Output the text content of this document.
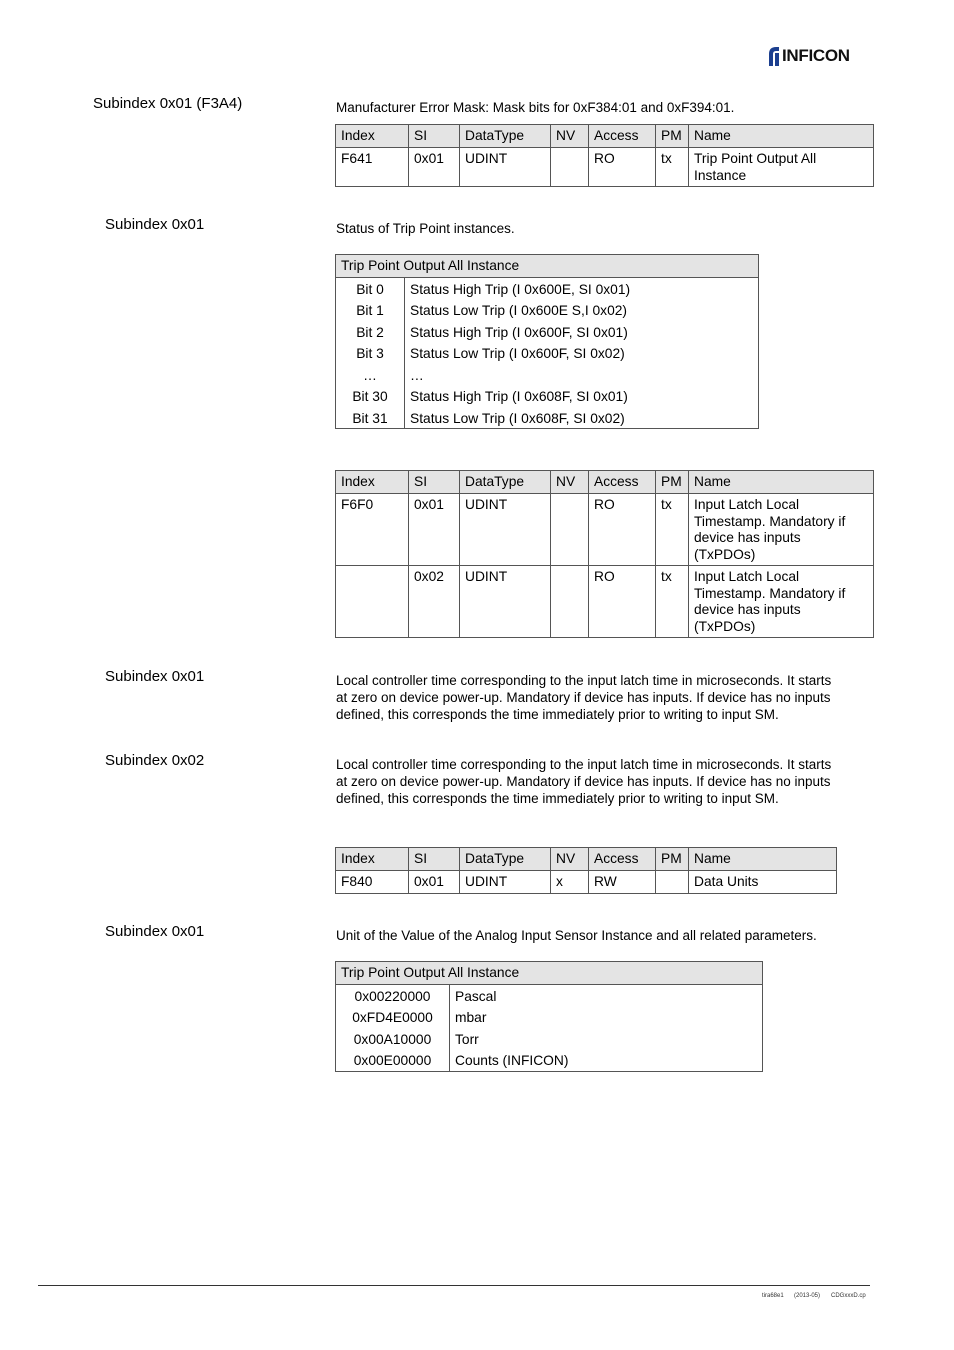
INFICON
Subindex 0x01 (F3A4)	Manufacturer Error Mask: Mask bits for 0xF384:01 and 0xF394:01.
Index	SI	DataType	NV	Access	PM	Name
F641	0x01	UDINT		RO	tx	Trip Point Output All
Instance
Subindex 0x01	Status of Trip Point instances.
Trip Point Output All Instance
Bit 0	Status High Trip (I 0x600E, SI 0x01)
Bit 1	Status Low Trip (I 0x600E S,I 0x02)
Bit 2	Status High Trip (I 0x600F, SI 0x01)
Bit 3	Status Low Trip (I 0x600F, SI 0x02)
…	…
Bit 30	Status High Trip (I 0x608F, SI 0x01)
Bit 31	Status Low Trip (I 0x608F, SI 0x02)
Index	SI	DataType	NV	Access	PM	Name
F6F0	0x01	UDINT		RO	tx	Input Latch Local
Timestamp. Mandatory if
device has inputs
(TxPDOs)

	0x02	UDINT		RO	tx	Input Latch Local
Timestamp. Mandatory if
device has inputs
(TxPDOs)
Subindex 0x01	Local controller time corresponding to the input latch time in microseconds. It starts
at zero on device power-up. Mandatory if device has inputs. If device has no inputs
defined, this corresponds the time immediately prior to writing to input SM.
Subindex 0x02	Local controller time corresponding to the input latch time in microseconds. It starts
at zero on device power-up. Mandatory if device has inputs. If device has no inputs
defined, this corresponds the time immediately prior to writing to input SM.
Index	SI	DataType	NV	Access	PM	Name
F840	0x01	UDINT	x	RW		Data Units
Subindex 0x01	Unit of the Value of the Analog Input Sensor Instance and all related parameters.
Trip Point Output All Instance
0x00220000	Pascal
0xFD4E0000	mbar
0x00A10000	Torr
0x00E00000	Counts (INFICON)
tira68e1 (2013-05) CDGxxxD.cp
